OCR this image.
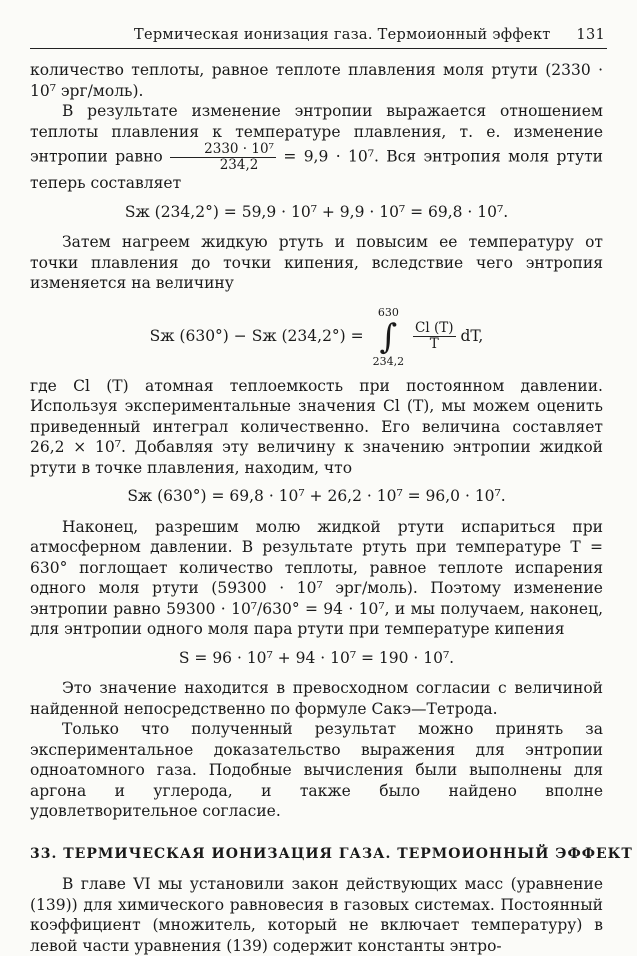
Термическая ионизация газа. Термоионный эффект 131

количество теплоты, равное теплоте плавления моля ртути (2330 · 10⁷ эрг/моль).

В результате изменение энтропии выражается отношением теплоты плавления к температуре плавления, т. е. изменение энтропии равно $\frac{\text{2330 · 10⁷}}{234,2} = 9,9 \cdot 10^7$. Вся энтропия моля ртути теперь составляет

Sж (234,2°) = 59,9 · 10⁷ + 9,9 · 10⁷ = 69,8 · 10⁷.

Затем нагреем жидкую ртуть и повысим ее температуру от точки плавления до точки кипения, вследствие чего энтропия изменяется на величину

Sж (630°) − Sж (234,2°) =
630
∫
234,2

$\frac{Cl (T)}{T}$ dT,

где Cl (T) атомная теплоемкость при постоянном давлении. Используя экспериментальные значения Cl (T), мы можем оценить приведенный интеграл количественно. Его величина составляет 26,2 × 10⁷. Добавляя эту величину к значению энтропии жидкой ртути в точке плавления, находим, что

Sж (630°) = 69,8 · 10⁷ + 26,2 · 10⁷ = 96,0 · 10⁷.

Наконец, разрешим молю жидкой ртути испариться при атмосферном давлении. В результате ртуть при температуре T = 630° поглощает количество теплоты, равное теплоте испарения одного моля ртути (59300 · 10⁷ эрг/моль). Поэтому изменение энтропии равно 59300 · 10⁷/630° = 94 · 10⁷, и мы получаем, наконец, для энтропии одного моля пара ртути при температуре кипения

S = 96 · 10⁷ + 94 · 10⁷ = 190 · 10⁷.

Это значение находится в превосходном согласии с величиной найденной непосредственно по формуле Сакэ—Тетрода.

Только что полученный результат можно принять за экспериментальное доказательство выражения для энтропии одноатомного газа. Подобные вычисления были выполнены для аргона и углерода, и также было найдено вполне удовлетворительное согласие.

33. ТЕРМИЧЕСКАЯ ИОНИЗАЦИЯ ГАЗА. ТЕРМОИОННЫЙ ЭФФЕКТ

В главе VI мы установили закон действующих масс (уравнение (139)) для химического равновесия в газовых системах. Постоянный коэффициент (множитель, который не включает температуру) в левой части уравнения (139) содержит константы энтро-
